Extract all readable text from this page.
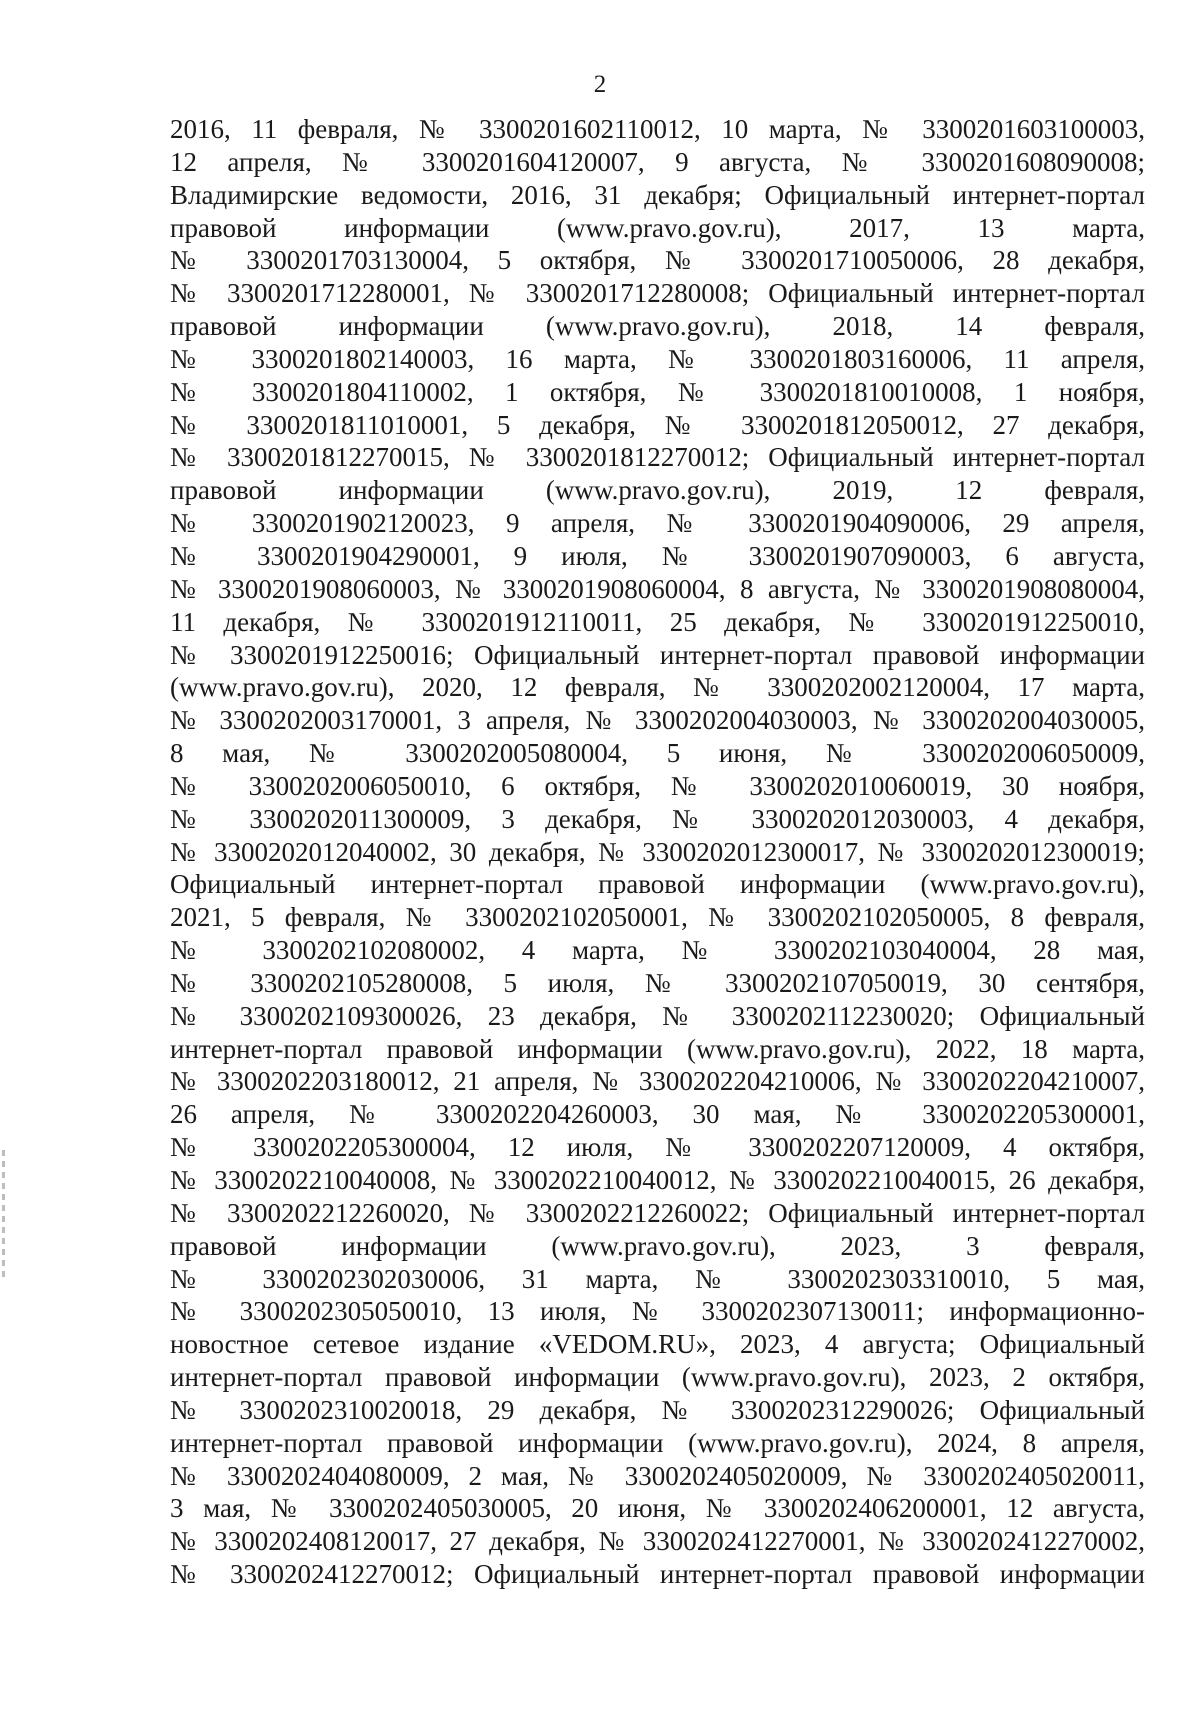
2
2016, 11 февраля, № 3300201602110012, 10 марта, № 3300201603100003,
12 апреля, № 3300201604120007, 9 августа, № 3300201608090008;
Владимирские ведомости, 2016, 31 декабря; Официальный интернет-портал
правовой информации (www.pravo.gov.ru), 2017, 13 марта,
№ 3300201703130004, 5 октября, № 3300201710050006, 28 декабря,
№ 3300201712280001, № 3300201712280008; Официальный интернет-портал
правовой информации (www.pravo.gov.ru), 2018, 14 февраля,
№ 3300201802140003, 16 марта, № 3300201803160006, 11 апреля,
№ 3300201804110002, 1 октября, № 3300201810010008, 1 ноября,
№ 3300201811010001, 5 декабря, № 3300201812050012, 27 декабря,
№ 3300201812270015, № 3300201812270012; Официальный интернет-портал
правовой информации (www.pravo.gov.ru), 2019, 12 февраля,
№ 3300201902120023, 9 апреля, № 3300201904090006, 29 апреля,
№ 3300201904290001, 9 июля, № 3300201907090003, 6 августа,
№ 3300201908060003, № 3300201908060004, 8 августа, № 3300201908080004,
11 декабря, № 3300201912110011, 25 декабря, № 3300201912250010,
№ 3300201912250016; Официальный интернет-портал правовой информации
(www.pravo.gov.ru), 2020, 12 февраля, № 3300202002120004, 17 марта,
№ 3300202003170001, 3 апреля, № 3300202004030003, № 3300202004030005,
8 мая, № 3300202005080004, 5 июня, № 3300202006050009,
№ 3300202006050010, 6 октября, № 3300202010060019, 30 ноября,
№ 3300202011300009, 3 декабря, № 3300202012030003, 4 декабря,
№ 3300202012040002, 30 декабря, № 3300202012300017, № 3300202012300019;
Официальный интернет-портал правовой информации (www.pravo.gov.ru),
2021, 5 февраля, № 3300202102050001, № 3300202102050005, 8 февраля,
№ 3300202102080002, 4 марта, № 3300202103040004, 28 мая,
№ 3300202105280008, 5 июля, № 3300202107050019, 30 сентября,
№ 3300202109300026, 23 декабря, № 3300202112230020; Официальный
интернет-портал правовой информации (www.pravo.gov.ru), 2022, 18 марта,
№ 3300202203180012, 21 апреля, № 3300202204210006, № 3300202204210007,
26 апреля, № 3300202204260003, 30 мая, № 3300202205300001,
№ 3300202205300004, 12 июля, № 3300202207120009, 4 октября,
№ 3300202210040008, № 3300202210040012, № 3300202210040015, 26 декабря,
№ 3300202212260020, № 3300202212260022; Официальный интернет-портал
правовой информации (www.pravo.gov.ru), 2023, 3 февраля,
№ 3300202302030006, 31 марта, № 3300202303310010, 5 мая,
№ 3300202305050010, 13 июля, № 3300202307130011; информационно-
новостное сетевое издание «VEDOM.RU», 2023, 4 августа; Официальный
интернет-портал правовой информации (www.pravo.gov.ru), 2023, 2 октября,
№ 3300202310020018, 29 декабря, № 3300202312290026; Официальный
интернет-портал правовой информации (www.pravo.gov.ru), 2024, 8 апреля,
№ 3300202404080009, 2 мая, № 3300202405020009, № 3300202405020011,
3 мая, № 3300202405030005, 20 июня, № 3300202406200001, 12 августа,
№ 3300202408120017, 27 декабря, № 3300202412270001, № 3300202412270002,
№ 3300202412270012; Официальный интернет-портал правовой информации
